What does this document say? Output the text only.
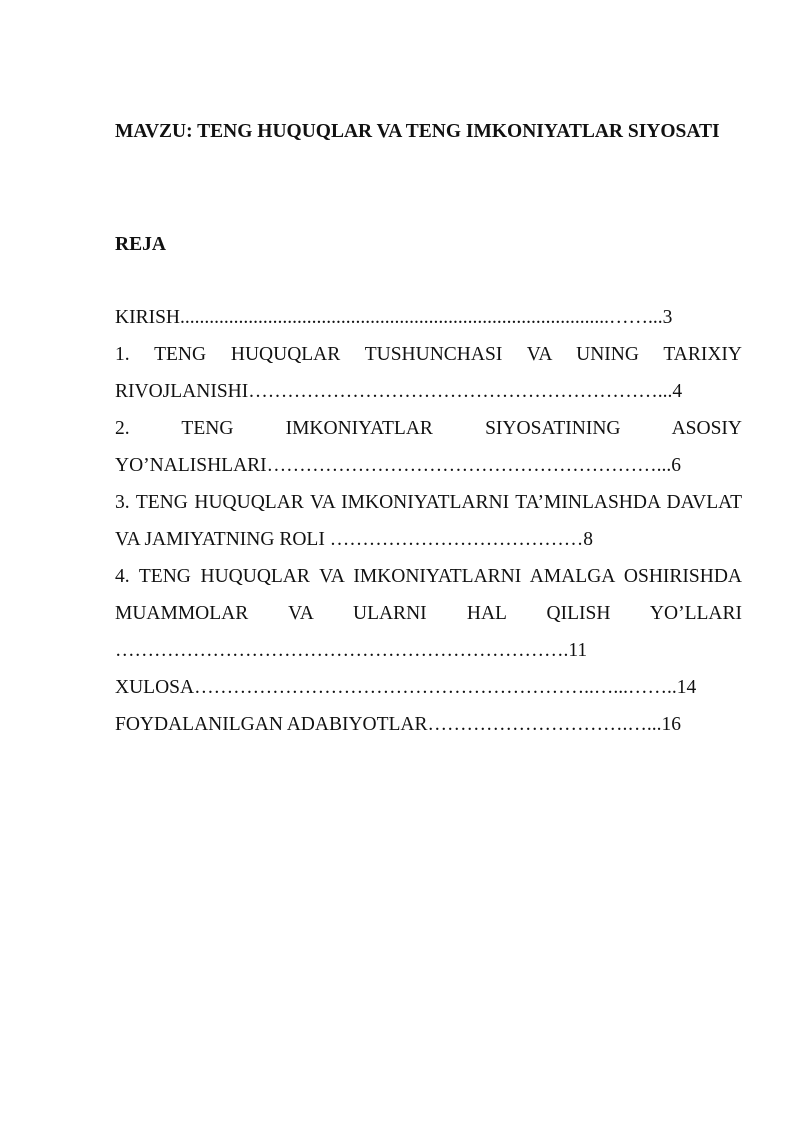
MAVZU: TENG HUQUQLAR VA TENG IMKONIYATLAR SIYOSATI
REJA
KIRISH........................................................................................……...3
1. TENG HUQUQLAR TUSHUNCHASI VA UNING TARIXIY RIVOJLANISHI………………………………………………………...4
2. TENG IMKONIYATLAR SIYOSATINING ASOSIY YO’NALISHLARI……………………………………………………...6
3. TENG HUQUQLAR VA IMKONIYATLARNI TA’MINLASHDA DAVLAT VA JAMIYATNING ROLI …………………………………8
4. TENG HUQUQLAR VA IMKONIYATLARNI AMALGA OSHIRISHDA MUAMMOLAR VA ULARNI HAL QILISH YO’LLARI …………………………………………………………….11
XULOSA……………………………………………………..…...……..14
FOYDALANILGAN ADABIYOTLAR………………………….…...16
